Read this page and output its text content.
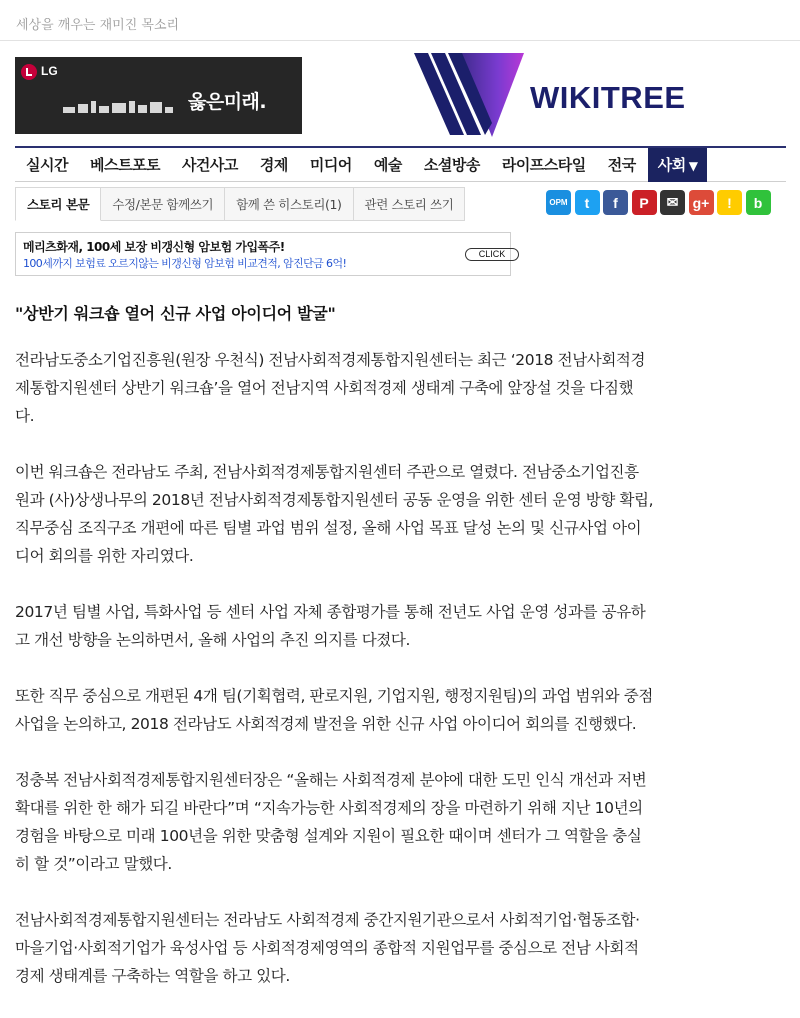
세상을 깨우는 재미진 목소리
LG
옳은미래.	WIKITREE
실시간	베스트포토	사건사고	경제	미디어	예술	소셜방송	라이프스타일	전국	사회 ▼
스토리 본문	수정/본문 함께쓰기	함께 쓴 히스토리(1)	관련 스토리 쓰기	OPM	t	f	P	✉	g+	!	b
메리츠화재, 100세 보장 비갱신형 암보험 가입폭주!
100세까지 보험료 오르지않는 비갱신형 암보험 비교견적, 암진단금 6억!
CLICK
"상반기 워크숍 열어 신규 사업 아이디어 발굴"
전라남도중소기업진흥원(원장 우천식) 전남사회적경제통합지원센터는 최근 ‘2018 전남사회적경
제통합지원센터 상반기 워크숍’을 열어 전남지역 사회적경제 생태계 구축에 앞장설 것을 다짐했
다.
이번 워크숍은 전라남도 주최, 전남사회적경제통합지원센터 주관으로 열렸다. 전남중소기업진흥
원과 (사)상생나무의 2018년 전남사회적경제통합지원센터 공동 운영을 위한 센터 운영 방향 확립,
직무중심 조직구조 개편에 따른 팀별 과업 범위 설정, 올해 사업 목표 달성 논의 및 신규사업 아이
디어 회의를 위한 자리였다.
2017년 팀별 사업, 특화사업 등 센터 사업 자체 종합평가를 통해 전년도 사업 운영 성과를 공유하
고 개선 방향을 논의하면서, 올해 사업의 추진 의지를 다졌다.
또한 직무 중심으로 개편된 4개 팀(기획협력, 판로지원, 기업지원, 행정지원팀)의 과업 범위와 중점
사업을 논의하고, 2018 전라남도 사회적경제 발전을 위한 신규 사업 아이디어 회의를 진행했다.
정충복 전남사회적경제통합지원센터장은 “올해는 사회적경제 분야에 대한 도민 인식 개선과 저변
확대를 위한 한 해가 되길 바란다”며 “지속가능한 사회적경제의 장을 마련하기 위해 지난 10년의
경험을 바탕으로 미래 100년을 위한 맞춤형 설계와 지원이 필요한 때이며 센터가 그 역할을 충실
히 할 것”이라고 말했다.
전남사회적경제통합지원센터는 전라남도 사회적경제 중간지원기관으로서 사회적기업·협동조합·
마을기업·사회적기업가 육성사업 등 사회적경제영역의 종합적 지원업무를 중심으로 전남 사회적
경제 생태계를 구축하는 역할을 하고 있다.
